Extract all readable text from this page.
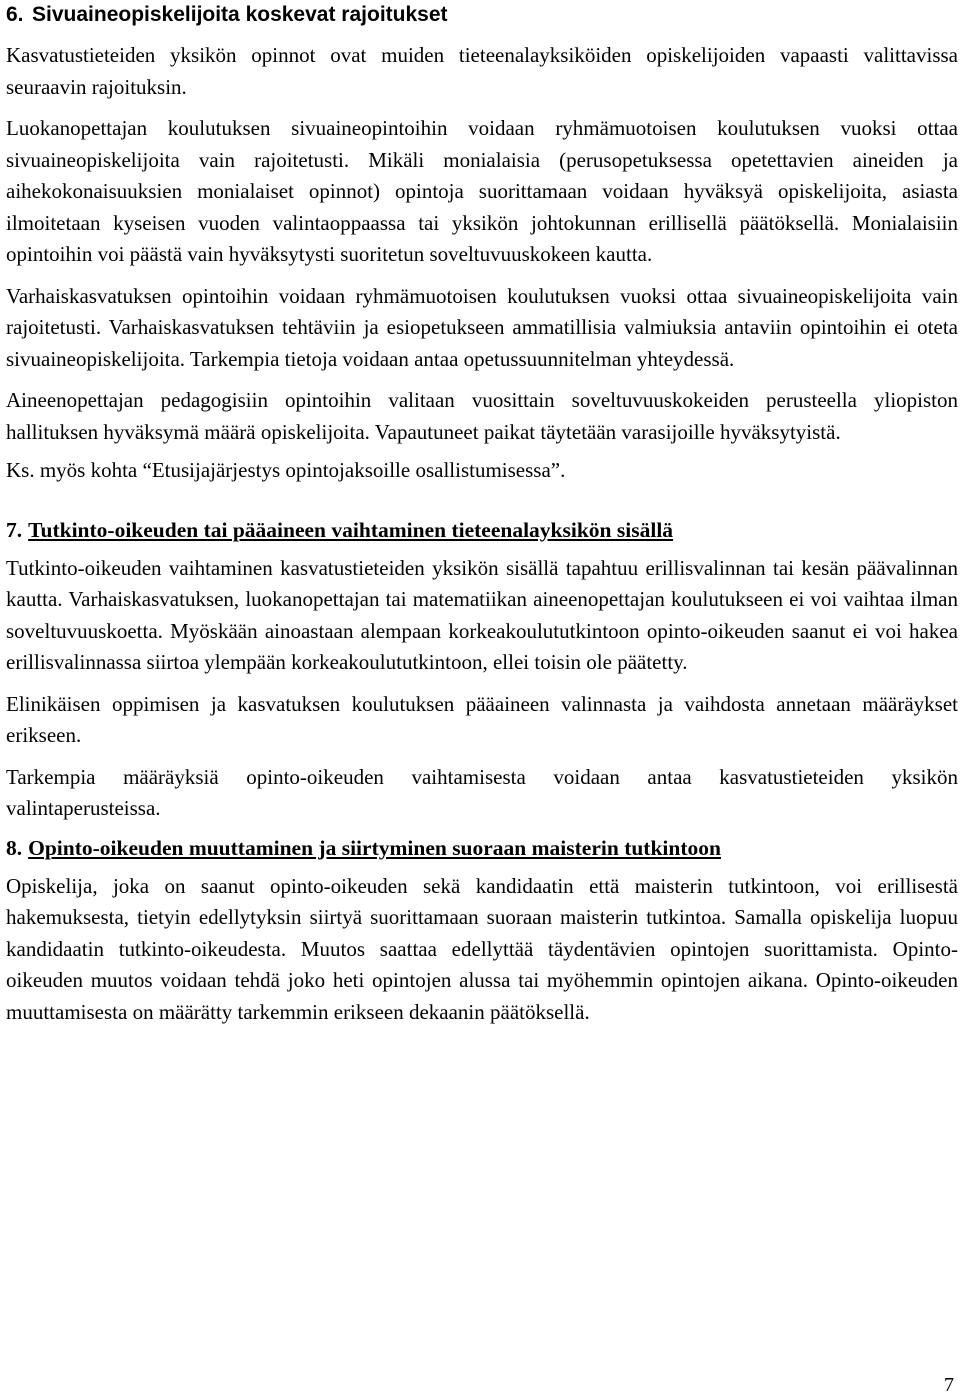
6. Sivuaineopiskelijoita koskevat rajoitukset

Kasvatustieteiden yksikön opinnot ovat muiden tieteenalayksiköiden opiskelijoiden vapaasti valittavissa seuraavin rajoituksin.

Luokanopettajan koulutuksen sivuaineopintoihin voidaan ryhmämuotoisen koulutuksen vuoksi ottaa sivuaineopiskelijoita vain rajoitetusti. Mikäli monialaisia (perusopetuksessa opetettavien aineiden ja aihekokonaisuuksien monialaiset opinnot) opintoja suorittamaan voidaan hyväksyä opiskelijoita, asiasta ilmoitetaan kyseisen vuoden valintaoppaassa tai yksikön johtokunnan erillisellä päätöksellä. Monialaisiin opintoihin voi päästä vain hyväksytysti suoritetun soveltuvuuskokeen kautta.

Varhaiskasvatuksen opintoihin voidaan ryhmämuotoisen koulutuksen vuoksi ottaa sivuaineopiskelijoita vain rajoitetusti. Varhaiskasvatuksen tehtäviin ja esiopetukseen ammatillisia valmiuksia antaviin opintoihin ei oteta sivuaineopiskelijoita. Tarkempia tietoja voidaan antaa opetussuunnitelman yhteydessä.

Aineenopettajan pedagogisiin opintoihin valitaan vuosittain soveltuvuuskokeiden perusteella yliopiston hallituksen hyväksymä määrä opiskelijoita. Vapautuneet paikat täytetään varasijoille hyväksytyistä.

Ks. myös kohta “Etusijajärjestys opintojaksoille osallistumisessa”.

7. Tutkinto-oikeuden tai pääaineen vaihtaminen tieteenalayksikön sisällä

Tutkinto-oikeuden vaihtaminen kasvatustieteiden yksikön sisällä tapahtuu erillisvalinnan tai kesän päävalinnan kautta. Varhaiskasvatuksen, luokanopettajan tai matematiikan aineenopettajan koulutukseen ei voi vaihtaa ilman soveltuvuuskoetta. Myöskään ainoastaan alempaan korkeakoulututkintoon opinto-oikeuden saanut ei voi hakea erillisvalinnassa siirtoa ylempään korkeakoulututkintoon, ellei toisin ole päätetty.

Elinikäisen oppimisen ja kasvatuksen koulutuksen pääaineen valinnasta ja vaihdosta annetaan määräykset erikseen.

Tarkempia määräyksiä opinto-oikeuden vaihtamisesta voidaan antaa kasvatustieteiden yksikön valintaperusteissa.

8. Opinto-oikeuden muuttaminen ja siirtyminen suoraan maisterin tutkintoon

Opiskelija, joka on saanut opinto-oikeuden sekä kandidaatin että maisterin tutkintoon, voi erillisestä hakemuksesta, tietyin edellytyksin siirtyä suorittamaan suoraan maisterin tutkintoa. Samalla opiskelija luopuu kandidaatin tutkinto-oikeudesta. Muutos saattaa edellyttää täydentävien opintojen suorittamista. Opinto-oikeuden muutos voidaan tehdä joko heti opintojen alussa tai myöhemmin opintojen aikana. Opinto-oikeuden muuttamisesta on määrätty tarkemmin erikseen dekaanin päätöksellä.

7
